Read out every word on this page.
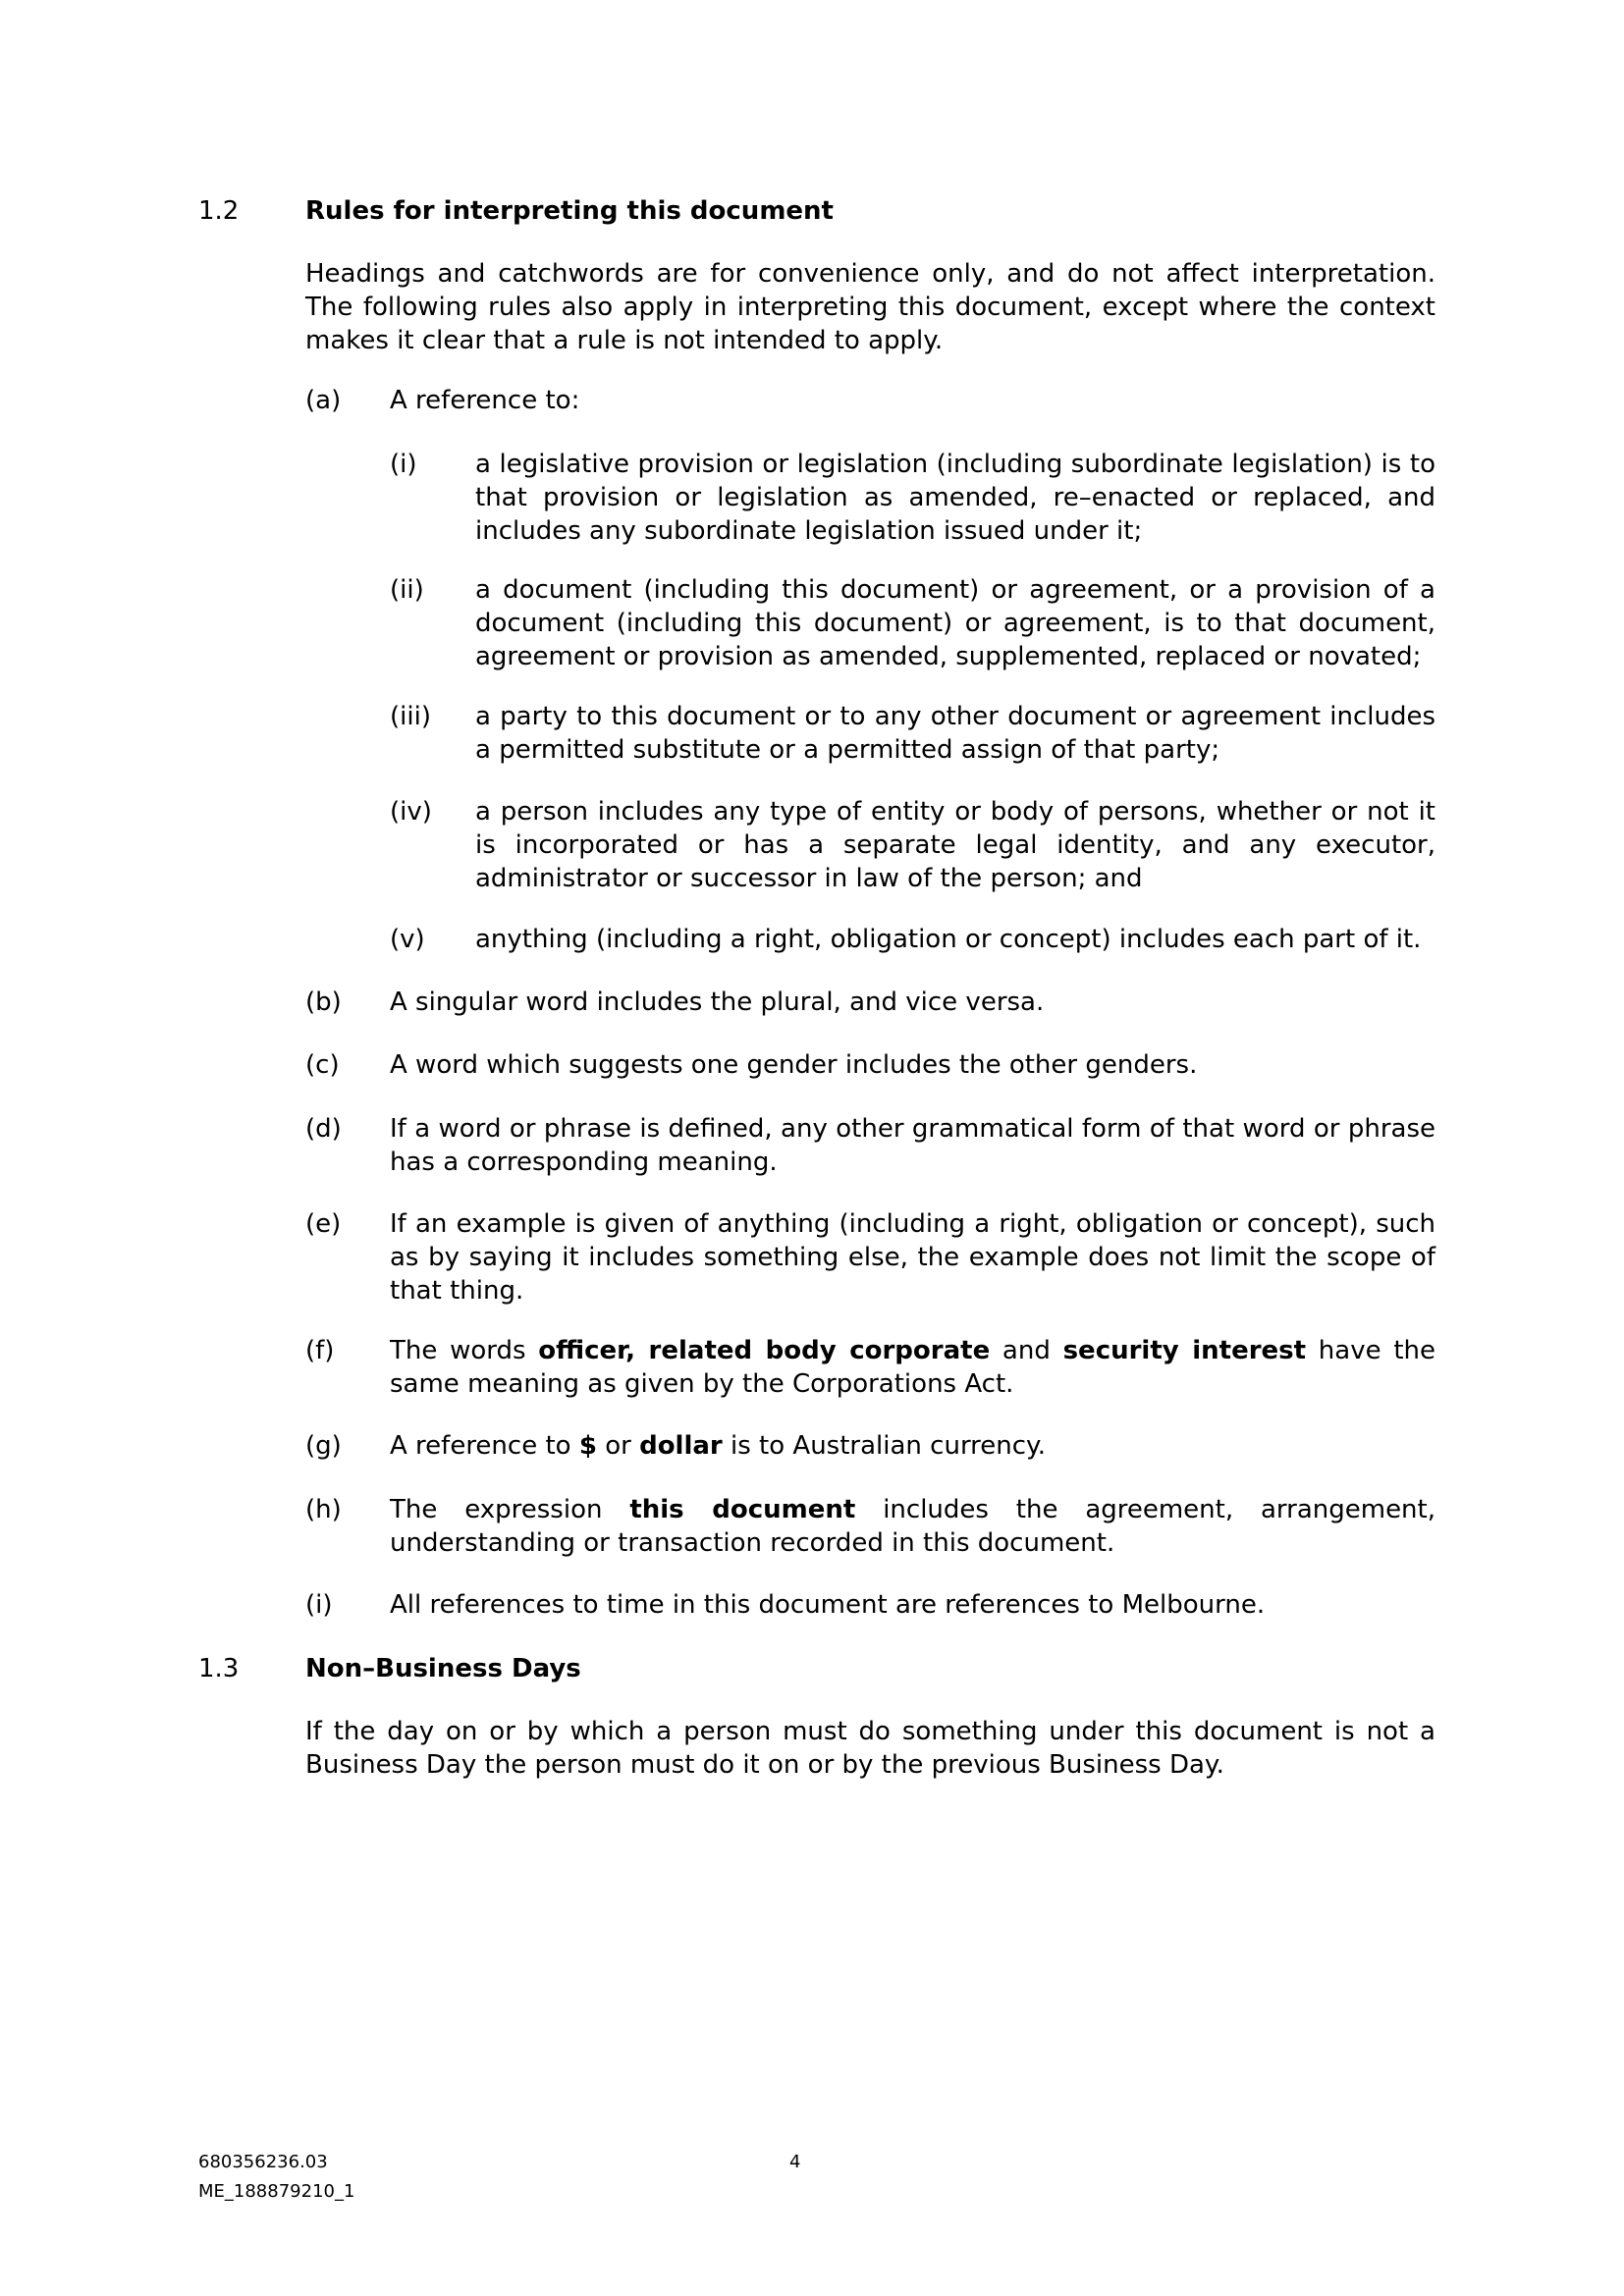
1.2	Rules for interpreting this document
Headings and catchwords are for convenience only, and do not affect interpretation. The following rules also apply in interpreting this document, except where the context makes it clear that a rule is not intended to apply.
(a) A reference to:
(i) a legislative provision or legislation (including subordinate legislation) is to that provision or legislation as amended, re–enacted or replaced, and includes any subordinate legislation issued under it;
(ii) a document (including this document) or agreement, or a provision of a document (including this document) or agreement, is to that document, agreement or provision as amended, supplemented, replaced or novated;
(iii) a party to this document or to any other document or agreement includes a permitted substitute or a permitted assign of that party;
(iv) a person includes any type of entity or body of persons, whether or not it is incorporated or has a separate legal identity, and any executor, administrator or successor in law of the person; and
(v) anything (including a right, obligation or concept) includes each part of it.
(b) A singular word includes the plural, and vice versa.
(c) A word which suggests one gender includes the other genders.
(d) If a word or phrase is defined, any other grammatical form of that word or phrase has a corresponding meaning.
(e) If an example is given of anything (including a right, obligation or concept), such as by saying it includes something else, the example does not limit the scope of that thing.
(f) The words officer, related body corporate and security interest have the same meaning as given by the Corporations Act.
(g) A reference to $ or dollar is to Australian currency.
(h) The expression this document includes the agreement, arrangement, understanding or transaction recorded in this document.
(i) All references to time in this document are references to Melbourne.
1.3	Non–Business Days
If the day on or by which a person must do something under this document is not a Business Day the person must do it on or by the previous Business Day.
680356236.03
ME_188879210_1
4
